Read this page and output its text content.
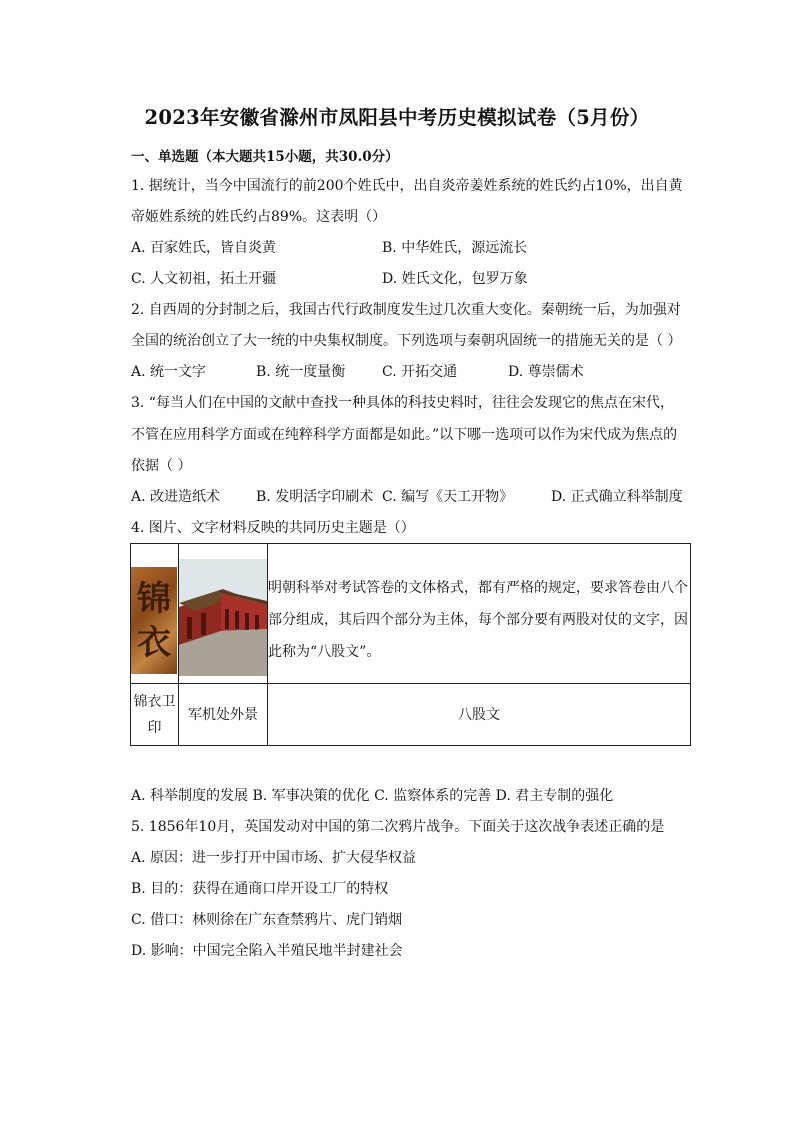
2023年安徽省滁州市凤阳县中考历史模拟试卷（5月份）
一、单选题（本大题共15小题，共30.0分）
1. 据统计，当今中国流行的前200个姓氏中，出自炎帝姜姓系统的姓氏约占10%，出自黄
帝姬姓系统的姓氏约占89%。这表明（）
A. 百家姓氏，皆自炎黄	B. 中华姓氏，源远流长
C. 人文初祖，拓土开疆	D. 姓氏文化，包罗万象
2. 自西周的分封制之后，我国古代行政制度发生过几次重大变化。秦朝统一后，为加强对
全国的统治创立了大一统的中央集权制度。下列选项与秦朝巩固统一的措施无关的是（ ）
A. 统一文字	B. 统一度量衡	C. 开拓交通	D. 尊崇儒术
3. “每当人们在中国的文献中查找一种具体的科技史料时，往往会发现它的焦点在宋代，
不管在应用科学方面或在纯粹科学方面都是如此。”以下哪一选项可以作为宋代成为焦点的
依据（ ）
A. 改进造纸术	B. 发明活字印刷术 C. 编写《天工开物》	D. 正式确立科举制度
4. 图片、文字材料反映的共同历史主题是（）
锦衣		明朝科举对考试答卷的文体格式，都有严格的规定，要求答卷由八个部分组成，其后四个部分为主体，每个部分要有两股对仗的文字，因此称为“八股文”。

锦衣卫印	军机处外景	八股文
A. 科举制度的发展 B. 军事决策的优化 C. 监察体系的完善 D. 君主专制的强化
5. 1856年10月，英国发动对中国的第二次鸦片战争。下面关于这次战争表述正确的是
A. 原因：进一步打开中国市场、扩大侵华权益
B. 目的：获得在通商口岸开设工厂的特权
C. 借口：林则徐在广东查禁鸦片、虎门销烟
D. 影响：中国完全陷入半殖民地半封建社会
